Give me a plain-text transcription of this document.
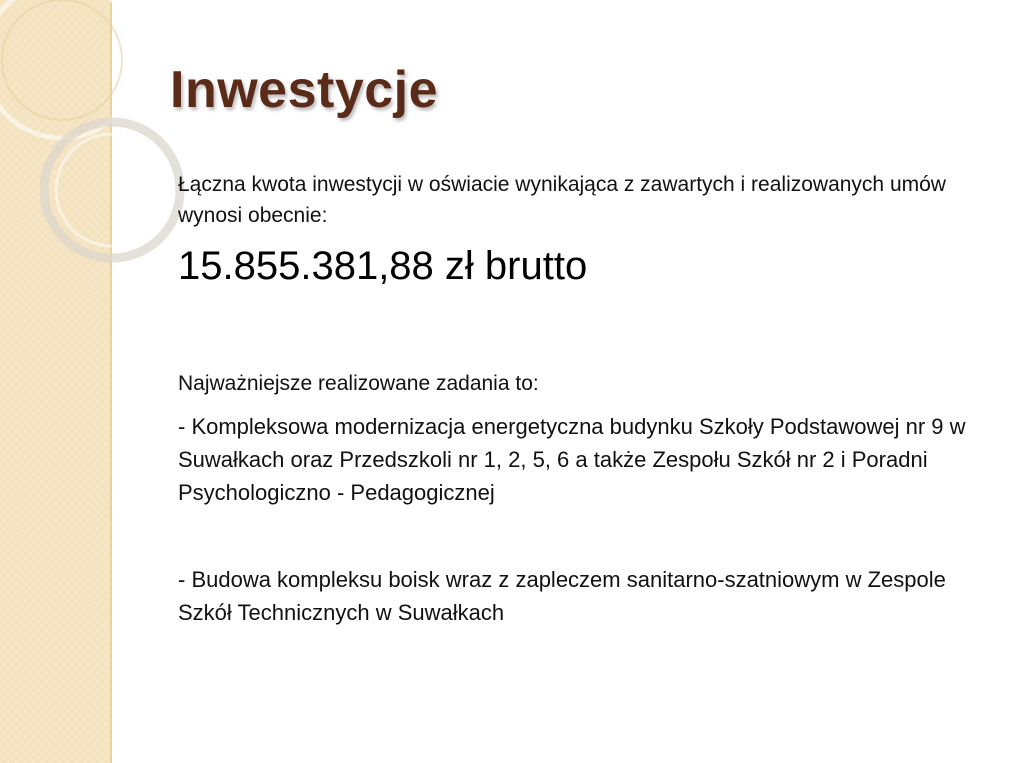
Inwestycje

Łączna kwota inwestycji w oświacie wynikająca z zawartych i realizowanych umów wynosi obecnie:

15.855.381,88 zł brutto

Najważniejsze realizowane zadania to:

- Kompleksowa modernizacja energetyczna budynku Szkoły Podstawowej nr 9 w Suwałkach oraz Przedszkoli nr 1, 2, 5, 6 a także Zespołu Szkół nr 2 i Poradni Psychologiczno - Pedagogicznej

- Budowa kompleksu boisk wraz z zapleczem sanitarno-szatniowym w Zespole Szkół Technicznych w Suwałkach
